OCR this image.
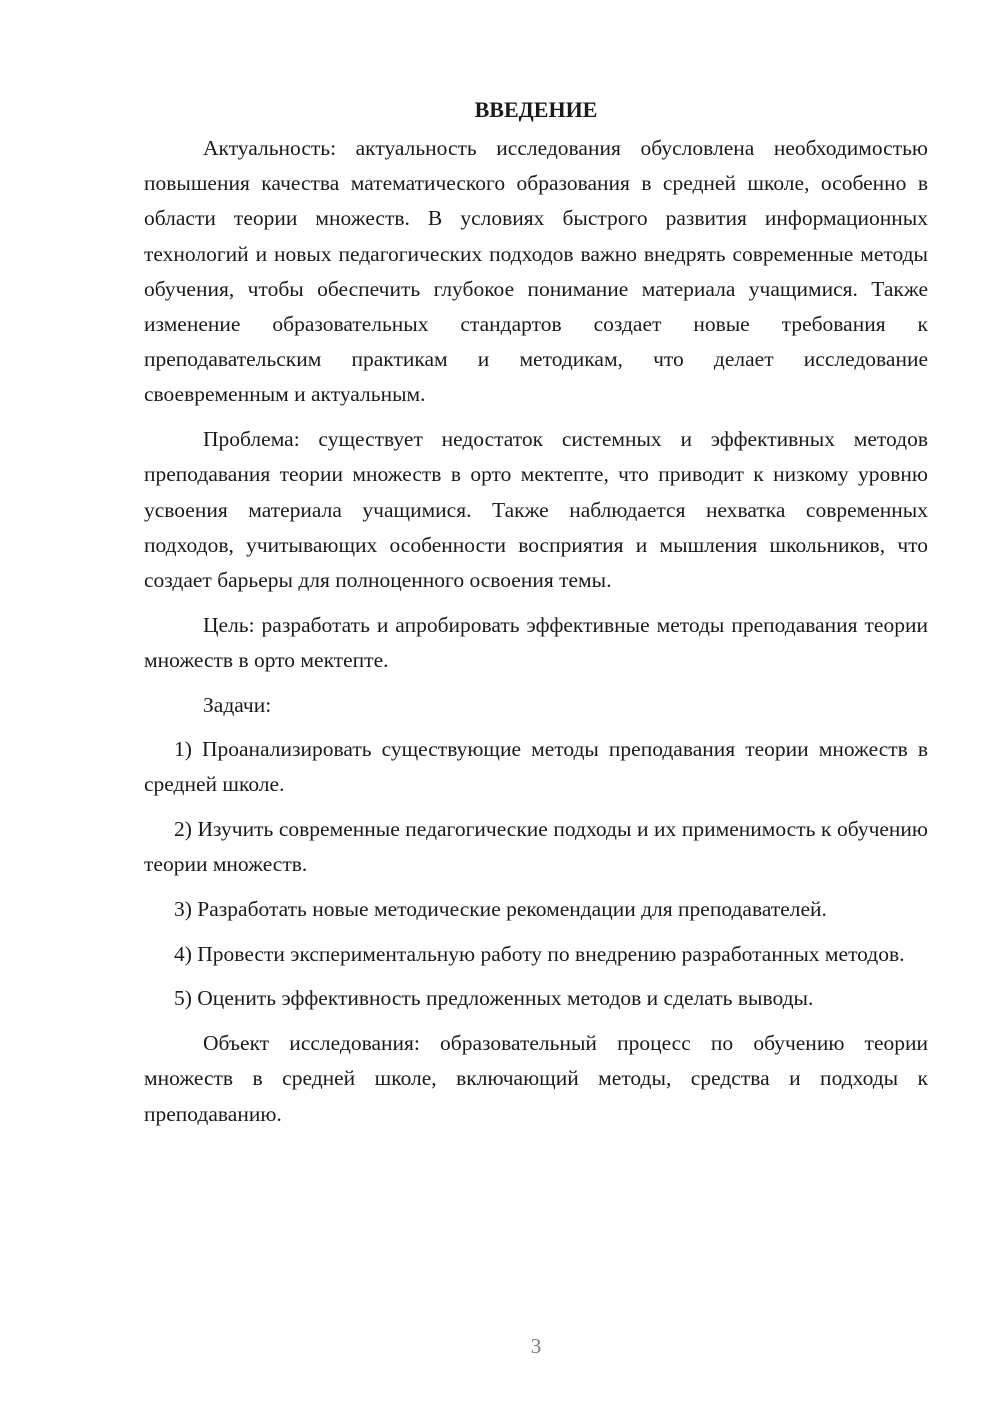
ВВЕДЕНИЕ

Актуальность: актуальность исследования обусловлена необходимостью повышения качества математического образования в средней школе, особенно в области теории множеств. В условиях быстрого развития информационных технологий и новых педагогических подходов важно внедрять современные методы обучения, чтобы обеспечить глубокое понимание материала учащимися. Также изменение образовательных стандартов создает новые требования к преподавательским практикам и методикам, что делает исследование своевременным и актуальным.

Проблема: существует недостаток системных и эффективных методов преподавания теории множеств в орто мектепте, что приводит к низкому уровню усвоения материала учащимися. Также наблюдается нехватка современных подходов, учитывающих особенности восприятия и мышления школьников, что создает барьеры для полноценного освоения темы.

Цель: разработать и апробировать эффективные методы преподавания теории множеств в орто мектепте.

Задачи:

1) Проанализировать существующие методы преподавания теории множеств в средней школе.

2) Изучить современные педагогические подходы и их применимость к обучению теории множеств.

3) Разработать новые методические рекомендации для преподавателей.

4) Провести экспериментальную работу по внедрению разработанных методов.

5) Оценить эффективность предложенных методов и сделать выводы.

Объект исследования: образовательный процесс по обучению теории множеств в средней школе, включающий методы, средства и подходы к преподаванию.

3
